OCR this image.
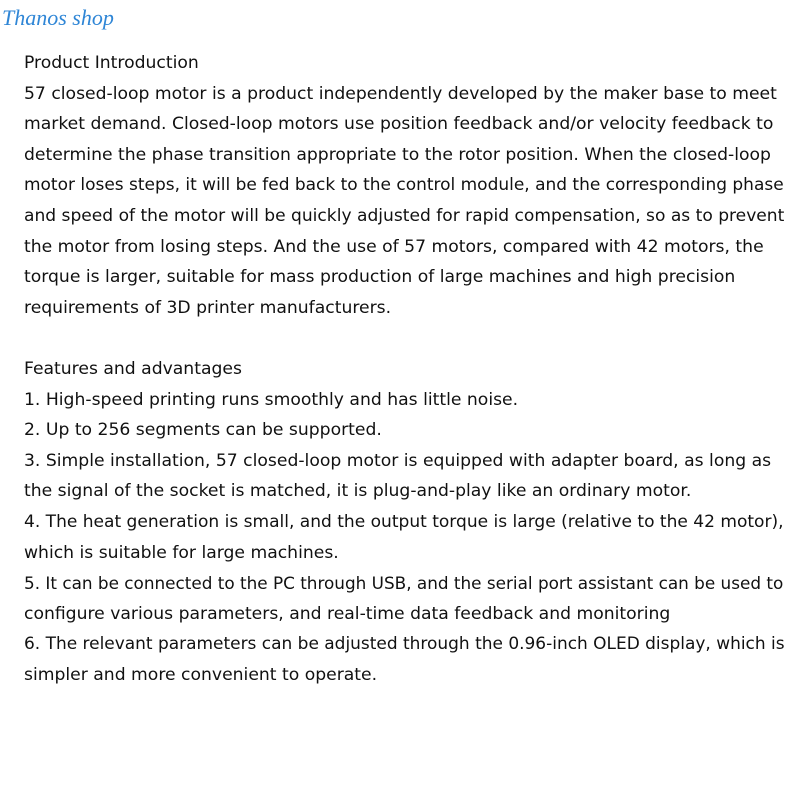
Thanos shop

Product Introduction

57 closed-loop motor is a product independently developed by the maker base to meet

market demand. Closed-loop motors use position feedback and/or velocity feedback to

determine the phase transition appropriate to the rotor position. When the closed-loop

motor loses steps, it will be fed back to the control module, and the corresponding phase

and speed of the motor will be quickly adjusted for rapid compensation, so as to prevent

the motor from losing steps. And the use of 57 motors, compared with 42 motors, the

torque is larger, suitable for mass production of large machines and high precision

requirements of 3D printer manufacturers.

Features and advantages

1. High-speed printing runs smoothly and has little noise.

2. Up to 256 segments can be supported.

3. Simple installation, 57 closed-loop motor is equipped with adapter board, as long as

the signal of the socket is matched, it is plug-and-play like an ordinary motor.

4. The heat generation is small, and the output torque is large (relative to the 42 motor),

which is suitable for large machines.

5. It can be connected to the PC through USB, and the serial port assistant can be used to

configure various parameters, and real-time data feedback and monitoring

6. The relevant parameters can be adjusted through the 0.96-inch OLED display, which is

simpler and more convenient to operate.
